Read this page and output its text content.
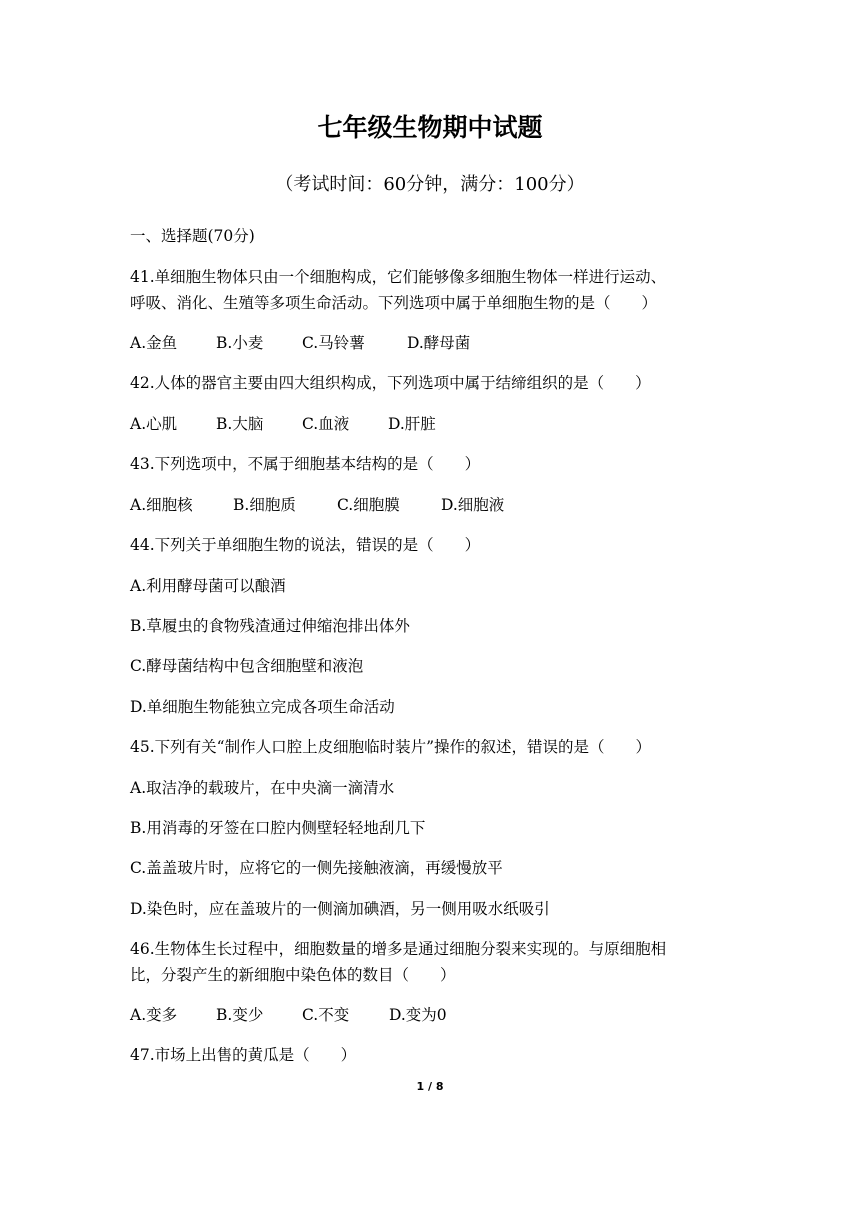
七年级生物期中试题
（考试时间：60分钟，满分：100分）
一、选择题(70分)
41.单细胞生物体只由一个细胞构成，它们能够像多细胞生物体一样进行运动、
呼吸、消化、生殖等多项生命活动。下列选项中属于单细胞生物的是（　　）
A.金鱼	B.小麦 C.马铃薯	D.酵母菌
42.人体的器官主要由四大组织构成，下列选项中属于结缔组织的是（　　）
A.心肌	B.大脑 C.血液	D.肝脏
43.下列选项中，不属于细胞基本结构的是（　　）
A.细胞核	B.细胞质	C.细胞膜	D.细胞液
44.下列关于单细胞生物的说法，错误的是（　　）
A.利用酵母菌可以酿酒
B.草履虫的食物残渣通过伸缩泡排出体外
C.酵母菌结构中包含细胞壁和液泡
D.单细胞生物能独立完成各项生命活动
45.下列有关“制作人口腔上皮细胞临时装片”操作的叙述，错误的是（　　）
A.取洁净的载玻片，在中央滴一滴清水
B.用消毒的牙签在口腔内侧壁轻轻地刮几下
C.盖盖玻片时，应将它的一侧先接触液滴，再缓慢放平
D.染色时，应在盖玻片的一侧滴加碘酒，另一侧用吸水纸吸引
46.生物体生长过程中，细胞数量的增多是通过细胞分裂来实现的。与原细胞相
比，分裂产生的新细胞中染色体的数目（　　）
A.变多	B.变少 C.不变	D.变为0
47.市场上出售的黄瓜是（　　）
1 / 8
